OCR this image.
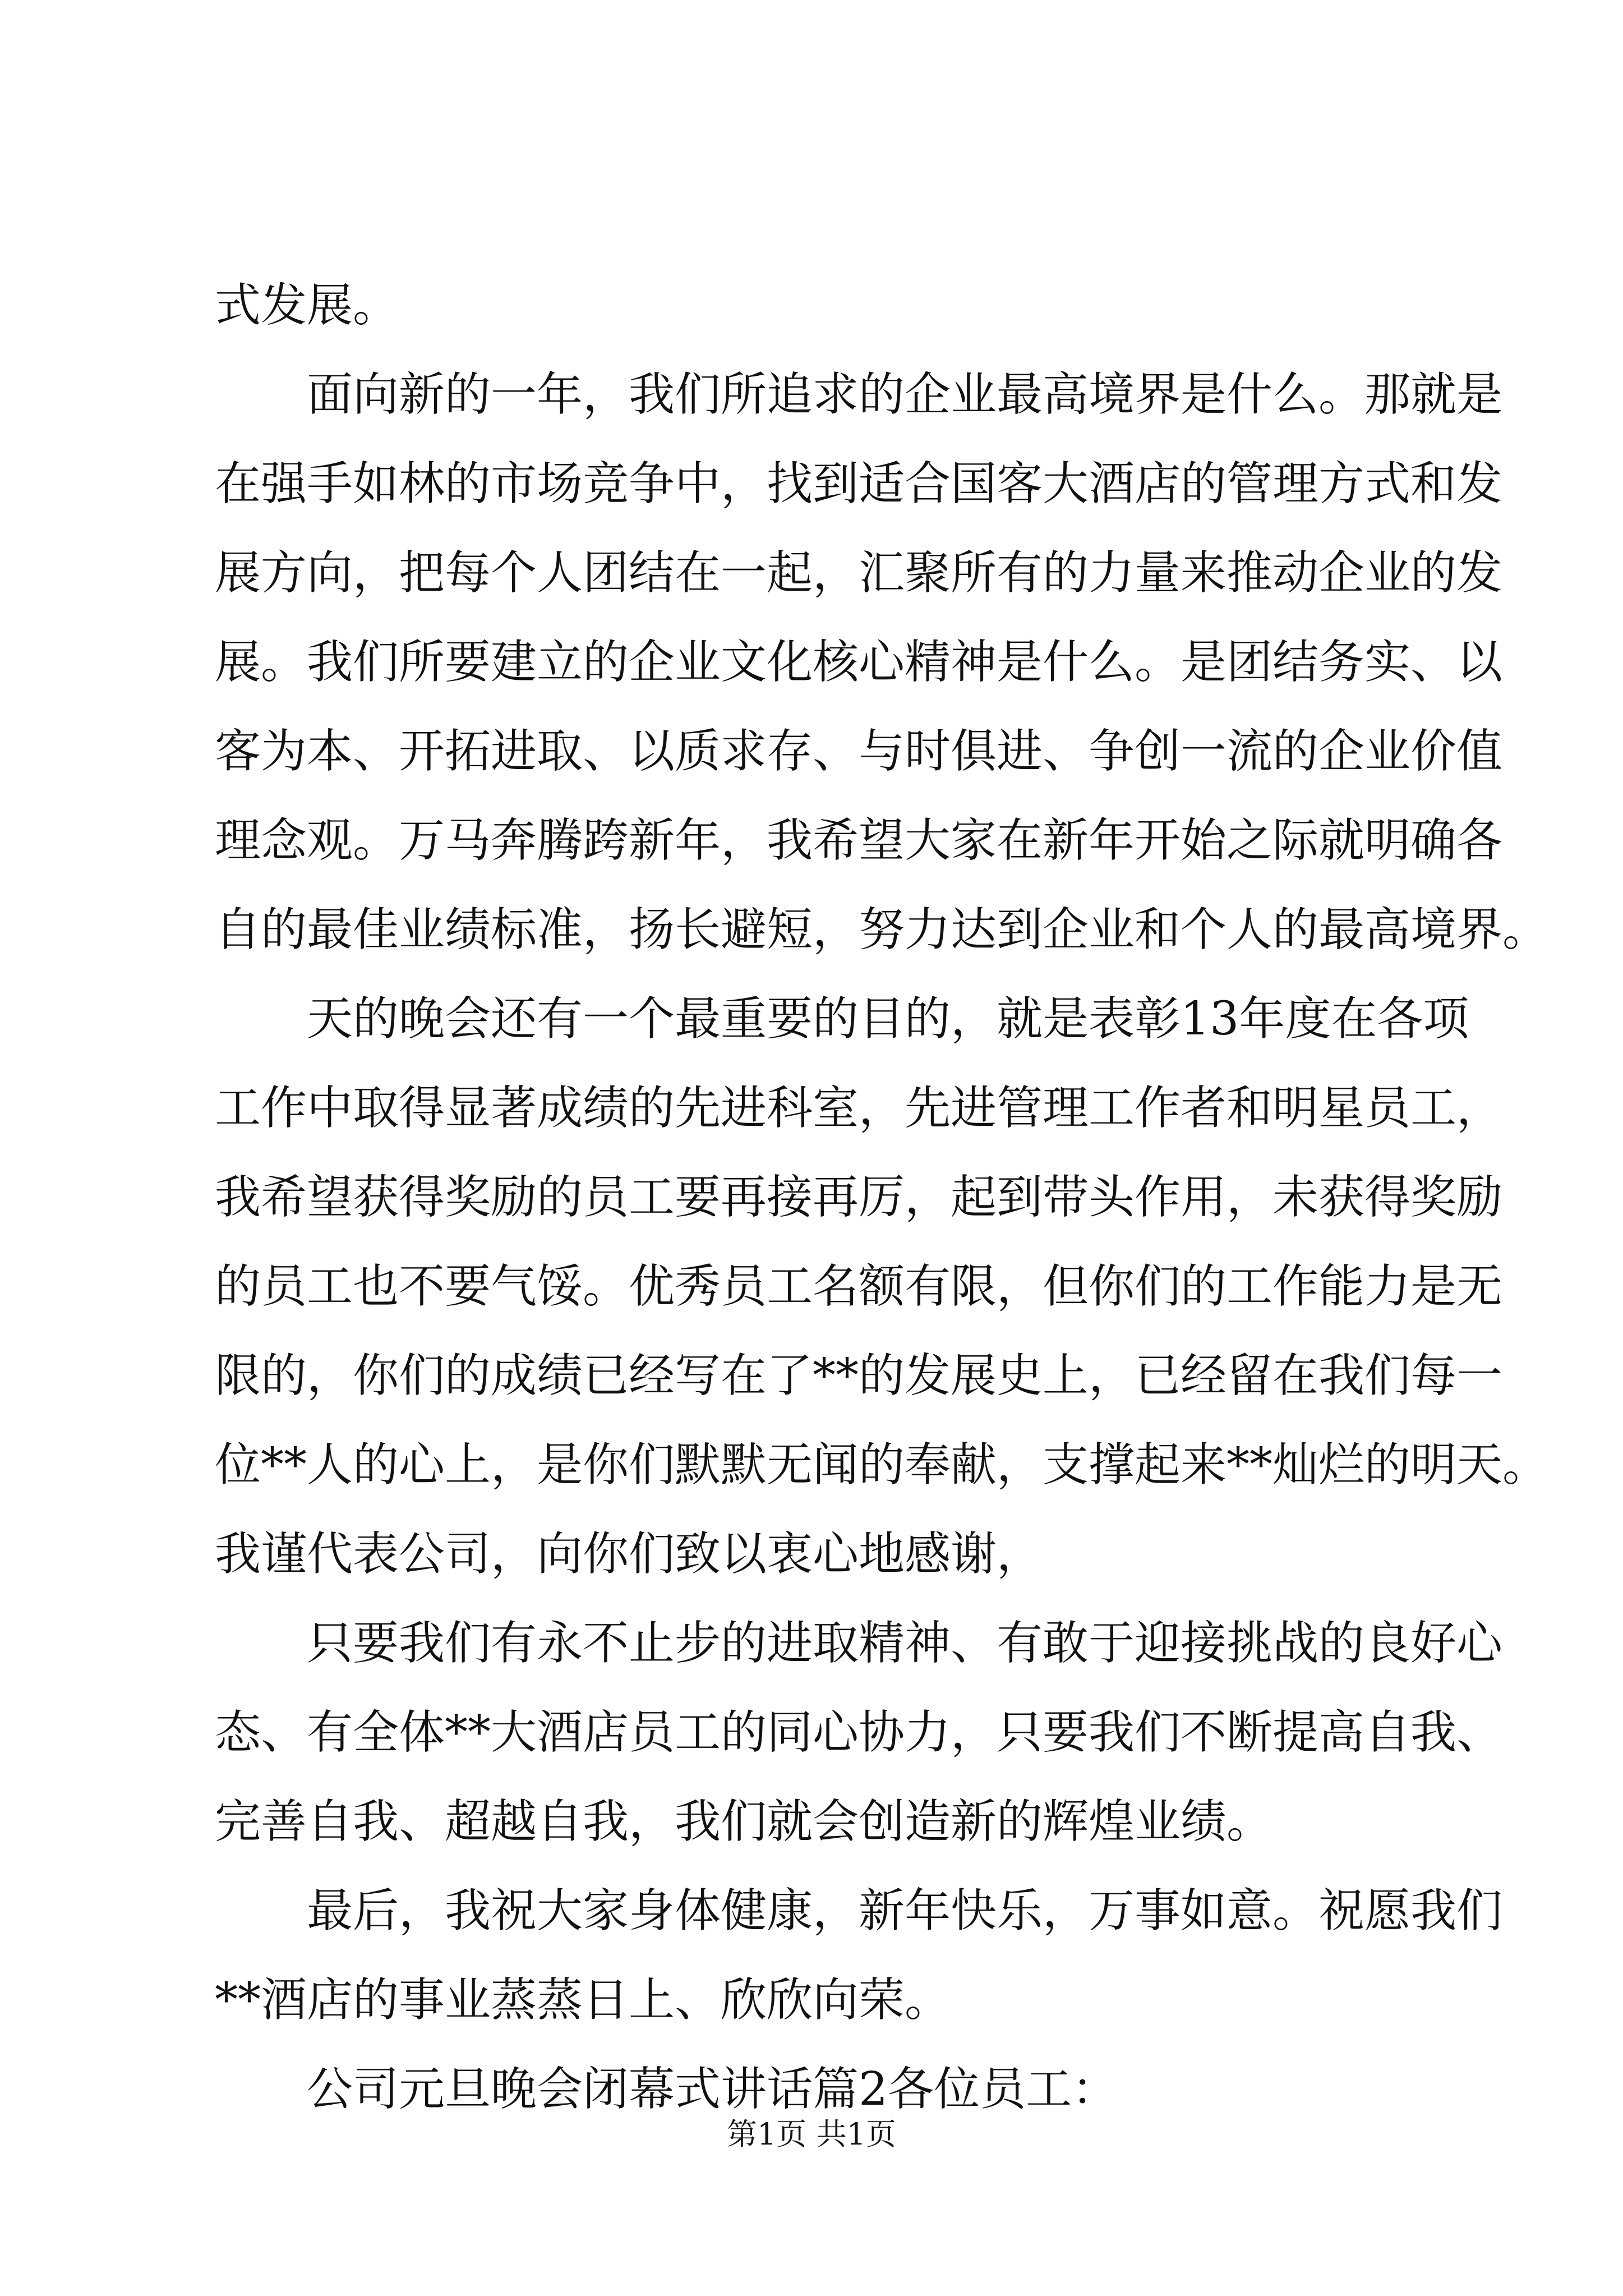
式发展。
面向新的一年，我们所追求的企业最高境界是什么。那就是
在强手如林的市场竞争中，找到适合国客大酒店的管理方式和发
展方向，把每个人团结在一起，汇聚所有的力量来推动企业的发
展。我们所要建立的企业文化核心精神是什么。是团结务实、以
客为本、开拓进取、以质求存、与时俱进、争创一流的企业价值
理念观。万马奔腾跨新年，我希望大家在新年开始之际就明确各
自的最佳业绩标准，扬长避短，努力达到企业和个人的最高境界。
天的晚会还有一个最重要的目的，就是表彰13年度在各项
工作中取得显著成绩的先进科室，先进管理工作者和明星员工，
我希望获得奖励的员工要再接再厉，起到带头作用，未获得奖励
的员工也不要气馁。优秀员工名额有限，但你们的工作能力是无
限的，你们的成绩已经写在了**的发展史上，已经留在我们每一
位**人的心上，是你们默默无闻的奉献，支撑起来**灿烂的明天。
我谨代表公司，向你们致以衷心地感谢，
只要我们有永不止步的进取精神、有敢于迎接挑战的良好心
态、有全体**大酒店员工的同心协力，只要我们不断提高自我、
完善自我、超越自我，我们就会创造新的辉煌业绩。
最后，我祝大家身体健康，新年快乐，万事如意。祝愿我们
**酒店的事业蒸蒸日上、欣欣向荣。
公司元旦晚会闭幕式讲话篇2各位员工：
第1页 共1页
